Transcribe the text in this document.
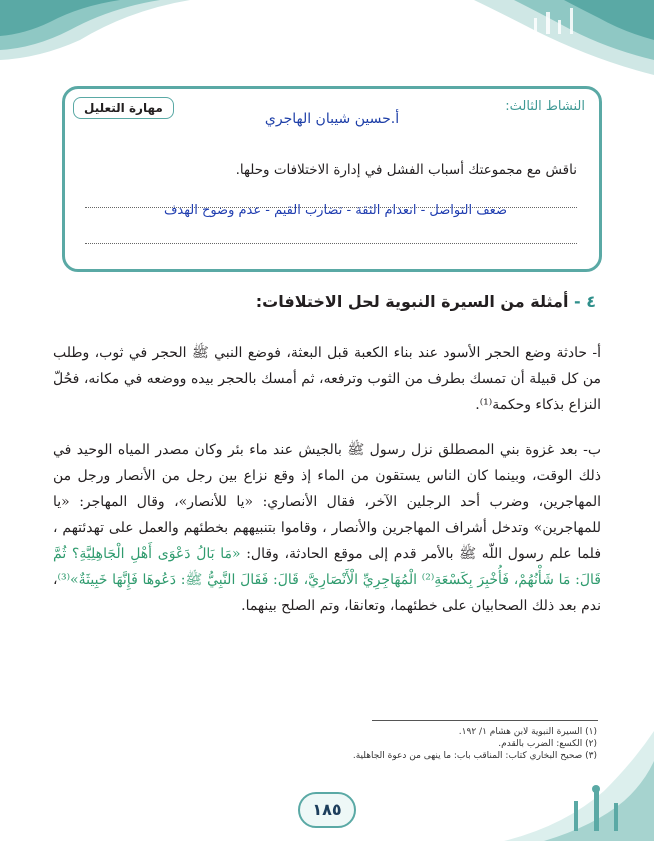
النشاط الثالث:
أ.حسين شيبان الهاجري
مهارة التعليل
ناقش مع مجموعتك أسباب الفشل في إدارة الاختلافات وحلها.
ضعف التواصل - انعدام الثقة - تضارب القيم - عدم وضوح الهدف
٤ - أمثلة من السيرة النبوية لحل الاختلافات:
أ- حادثة وضع الحجر الأسود عند بناء الكعبة قبل البعثة، فوضع النبي ﷺ الحجر في ثوب، وطلب من كل قبيلة أن تمسك بطرف من الثوب وترفعه، ثم أمسك بالحجر بيده ووضعه في مكانه، فحُلّ النزاع بذكاء وحكمة⁽¹⁾.
ب- بعد غزوة بني المصطلق نزل رسول ﷺ بالجيش عند ماء بئر وكان مصدر المياه الوحيد في ذلك الوقت، وبينما كان الناس يستقون من الماء إذ وقع نزاع بين رجل من الأنصار ورجل من المهاجرين، وضرب أحد الرجلين الآخر، فقال الأنصاري: «يا للأنصار»، وقال المهاجر: «يا للمهاجرين» وتدخل أشراف المهاجرين والأنصار ، وقاموا بتنبيههم بخطئهم والعمل على تهدئتهم ، فلما علم رسول اللّه ﷺ بالأمر قدم إلى موقع الحادثة، وقال: «مَا بَالُ دَعْوَى أَهْلِ الْجَاهِلِيَّةِ؟ ثُمَّ قَالَ: مَا شَأْنُهُمْ، فَأُخْبِرَ بِكَسْعَةِ⁽²⁾ الْمُهَاجِرِيِّ الْأَنْصَارِيَّ، قَالَ: فَقَالَ النَّبِيُّ ﷺ: دَعُوهَا فَإِنَّهَا خَبِيثَةٌ»⁽³⁾، ندم بعد ذلك الصحابيان على خطئهما، وتعانقا، وتم الصلح بينهما.
(١) السيرة النبوية لابن هشام ١/ ١٩٢.
(٢) الكسع: الضرب بالقدم.
(٣) صحيح البخاري كتاب: المناقب باب: ما ينهى من دعوة الجاهلية.
١٨٥
